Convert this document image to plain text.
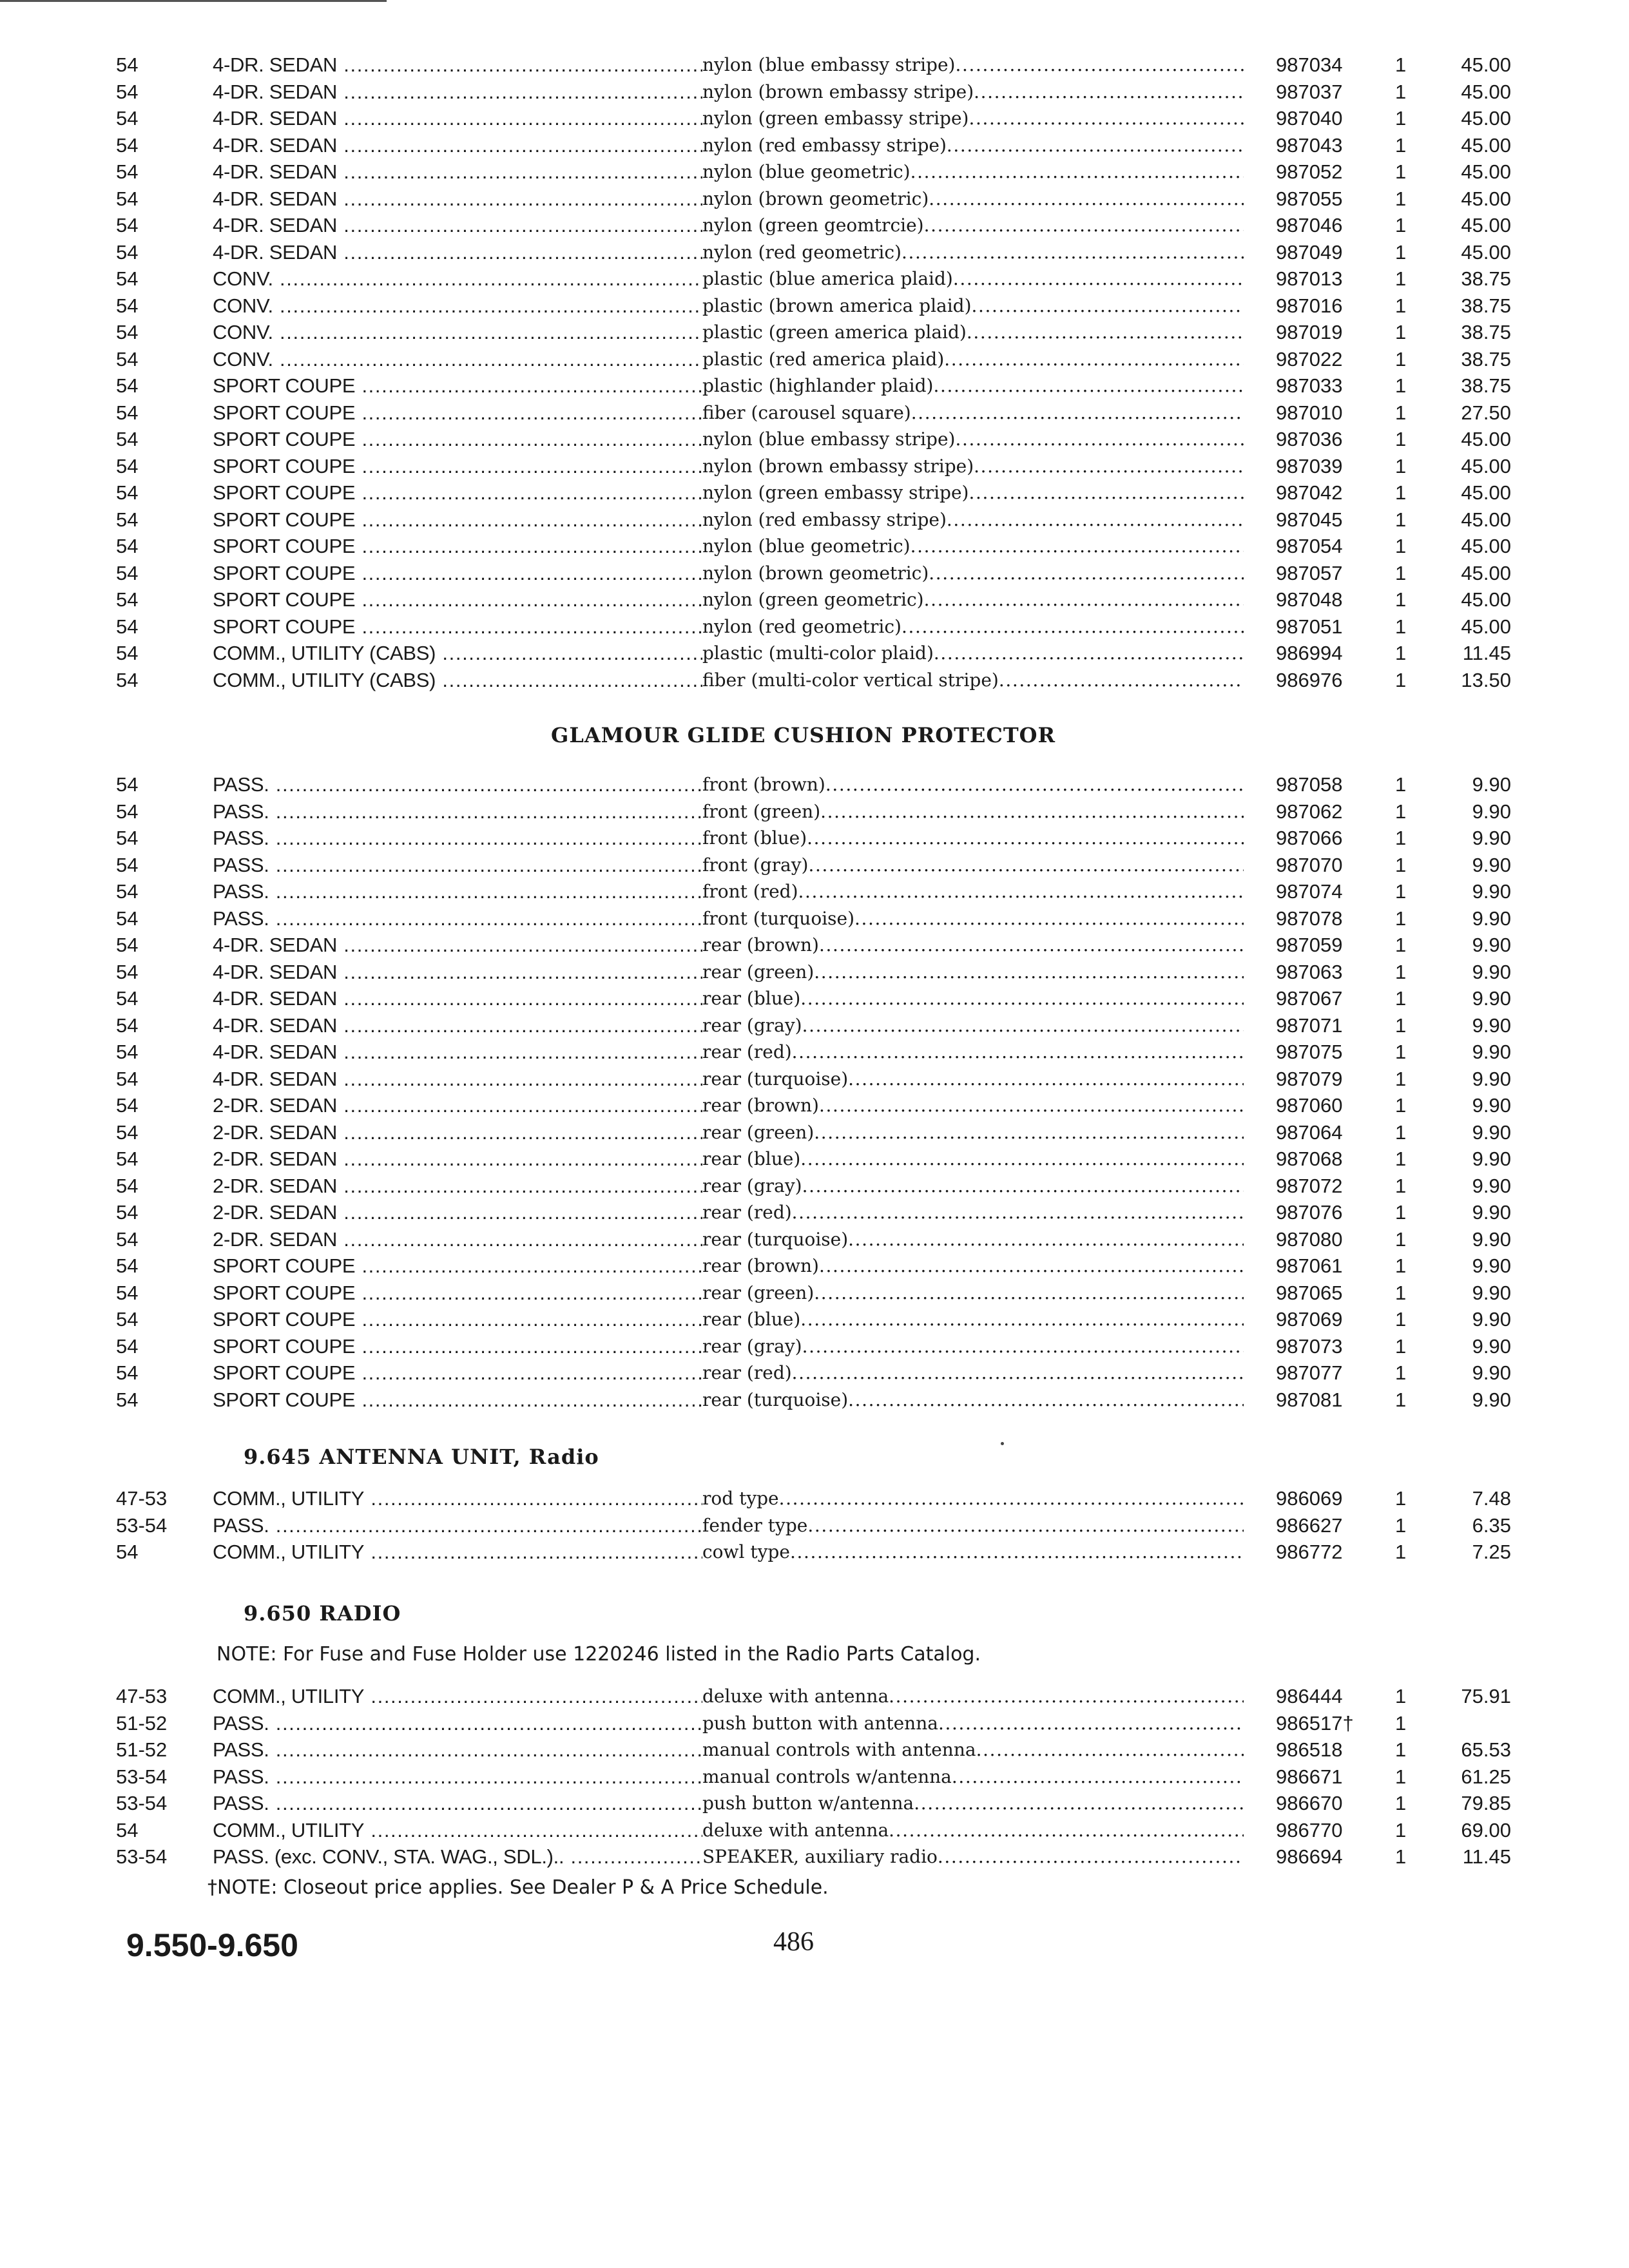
54	4-DR. SEDAN .....	nylon (blue embassy stripe) .....	987034	1	45.00
54	4-DR. SEDAN .....	nylon (brown embassy stripe) .....	987037	1	45.00
54	4-DR. SEDAN .....	nylon (green embassy stripe) .....	987040	1	45.00
54	4-DR. SEDAN .....	nylon (red embassy stripe) .....	987043	1	45.00
54	4-DR. SEDAN .....	nylon (blue geometric) .....	987052	1	45.00
54	4-DR. SEDAN .....	nylon (brown geometric) .....	987055	1	45.00
54	4-DR. SEDAN .....	nylon (green geomtrcie) .....	987046	1	45.00
54	4-DR. SEDAN .....	nylon (red geometric) .....	987049	1	45.00
54	CONV. .....	plastic (blue america plaid) .....	987013	1	38.75
54	CONV. .....	plastic (brown america plaid) .....	987016	1	38.75
54	CONV. .....	plastic (green america plaid) .....	987019	1	38.75
54	CONV. .....	plastic (red america plaid) .....	987022	1	38.75
54	SPORT COUPE .....	plastic (highlander plaid) .....	987033	1	38.75
54	SPORT COUPE .....	fiber (carousel square) .....	987010	1	27.50
54	SPORT COUPE .....	nylon (blue embassy stripe) .....	987036	1	45.00
54	SPORT COUPE .....	nylon (brown embassy stripe) .....	987039	1	45.00
54	SPORT COUPE .....	nylon (green embassy stripe) .....	987042	1	45.00
54	SPORT COUPE .....	nylon (red embassy stripe) .....	987045	1	45.00
54	SPORT COUPE .....	nylon (blue geometric) .....	987054	1	45.00
54	SPORT COUPE .....	nylon (brown geometric) .....	987057	1	45.00
54	SPORT COUPE .....	nylon (green geometric) .....	987048	1	45.00
54	SPORT COUPE .....	nylon (red geometric) .....	987051	1	45.00
54	COMM., UTILITY (CABS) .....	plastic (multi-color plaid) .....	986994	1	11.45
54	COMM., UTILITY (CABS) .....	fiber (multi-color vertical stripe) .....	986976	1	13.50
GLAMOUR GLIDE CUSHION PROTECTOR
54	PASS. .....	front (brown) .....	987058	1	9.90
54	PASS. .....	front (green) .....	987062	1	9.90
54	PASS. .....	front (blue) .....	987066	1	9.90
54	PASS. .....	front (gray) .....	987070	1	9.90
54	PASS. .....	front (red) .....	987074	1	9.90
54	PASS. .....	front (turquoise) .....	987078	1	9.90
54	4-DR. SEDAN .....	rear (brown) .....	987059	1	9.90
54	4-DR. SEDAN .....	rear (green) .....	987063	1	9.90
54	4-DR. SEDAN .....	rear (blue) .....	987067	1	9.90
54	4-DR. SEDAN .....	rear (gray) .....	987071	1	9.90
54	4-DR. SEDAN .....	rear (red) .....	987075	1	9.90
54	4-DR. SEDAN .....	rear (turquoise) .....	987079	1	9.90
54	2-DR. SEDAN .....	rear (brown) .....	987060	1	9.90
54	2-DR. SEDAN .....	rear (green) .....	987064	1	9.90
54	2-DR. SEDAN .....	rear (blue) .....	987068	1	9.90
54	2-DR. SEDAN .....	rear (gray) .....	987072	1	9.90
54	2-DR. SEDAN .....	rear (red) .....	987076	1	9.90
54	2-DR. SEDAN .....	rear (turquoise) .....	987080	1	9.90
54	SPORT COUPE .....	rear (brown) .....	987061	1	9.90
54	SPORT COUPE .....	rear (green) .....	987065	1	9.90
54	SPORT COUPE .....	rear (blue) .....	987069	1	9.90
54	SPORT COUPE .....	rear (gray) .....	987073	1	9.90
54	SPORT COUPE .....	rear (red) .....	987077	1	9.90
54	SPORT COUPE .....	rear (turquoise) .....	987081	1	9.90
9.645 ANTENNA UNIT, Radio
47-53	COMM., UTILITY .....	rod type .....	986069	1	7.48
53-54	PASS. .....	fender type .....	986627	1	6.35
54	COMM., UTILITY .....	cowl type .....	986772	1	7.25
9.650 RADIO
NOTE: For Fuse and Fuse Holder use 1220246 listed in the Radio Parts Catalog.
47-53	COMM., UTILITY .....	deluxe with antenna .....	986444	1	75.91
51-52	PASS. .....	push button with antenna .....	986517†	1
51-52	PASS. .....	manual controls with antenna .....	986518	1	65.53
53-54	PASS. .....	manual controls w/antenna .....	986671	1	61.25
53-54	PASS. .....	push button w/antenna .....	986670	1	79.85
54	COMM., UTILITY .....	deluxe with antenna .....	986770	1	69.00
53-54	PASS. (exc. CONV., STA. WAG., SDL.).. .....	SPEAKER, auxiliary radio .....	986694	1	11.45
†NOTE: Closeout price applies. See Dealer P & A Price Schedule.
9.550-9.650	486
